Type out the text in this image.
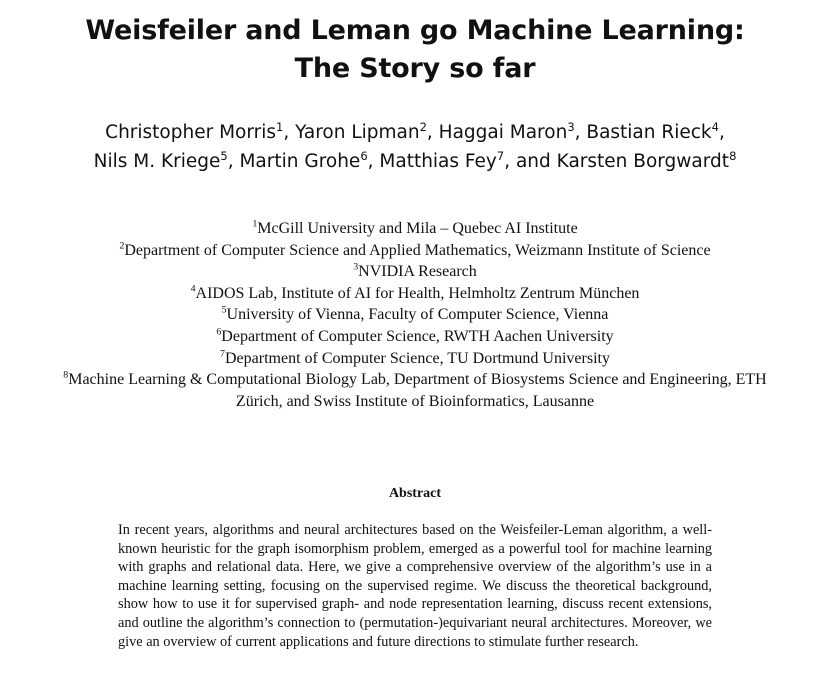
Weisfeiler and Leman go Machine Learning:
The Story so far
Christopher Morris$^1$, Yaron Lipman$^2$, Haggai Maron$^3$, Bastian Rieck$^4$,
Nils M. Kriege$^5$, Martin Grohe$^6$, Matthias Fey$^7$, and Karsten Borgwardt$^8$
$^1$McGill University and Mila – Quebec AI Institute
$^2$Department of Computer Science and Applied Mathematics, Weizmann Institute of Science
$^3$NVIDIA Research
$^4$AIDOS Lab, Institute of AI for Health, Helmholtz Zentrum München
$^5$University of Vienna, Faculty of Computer Science, Vienna
$^6$Department of Computer Science, RWTH Aachen University
$^7$Department of Computer Science, TU Dortmund University
$^8$Machine Learning & Computational Biology Lab, Department of Biosystems Science and Engineering, ETH Zürich, and Swiss Institute of Bioinformatics, Lausanne
Abstract
In recent years, algorithms and neural architectures based on the Weisfeiler-Leman algorithm, a well-known heuristic for the graph isomorphism problem, emerged as a powerful tool for machine learning with graphs and relational data. Here, we give a comprehensive overview of the algorithm’s use in a machine learning setting, focusing on the supervised regime. We discuss the theoretical background, show how to use it for supervised graph- and node representation learning, discuss recent extensions, and outline the algorithm’s connection to (permutation-)equivariant neural architectures. Moreover, we give an overview of current applications and future directions to stimulate further research.
